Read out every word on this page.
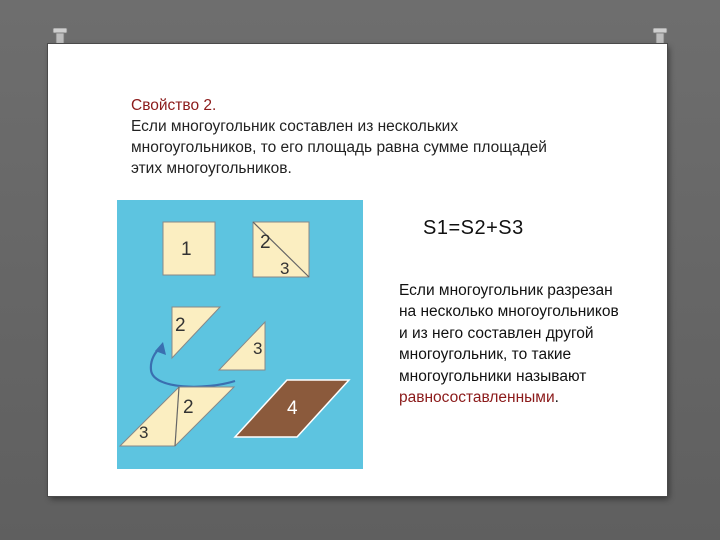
Свойство 2.
Если многоугольник составлен из нескольких многоугольников, то его площадь равна сумме площадей этих многоугольников.
1	2
3
2
3
2
3
4
S1=S2+S3
Если многоугольник разрезан на несколько многоугольников и из него составлен другой многоугольник, то такие многоугольники называют равносоставленными.
